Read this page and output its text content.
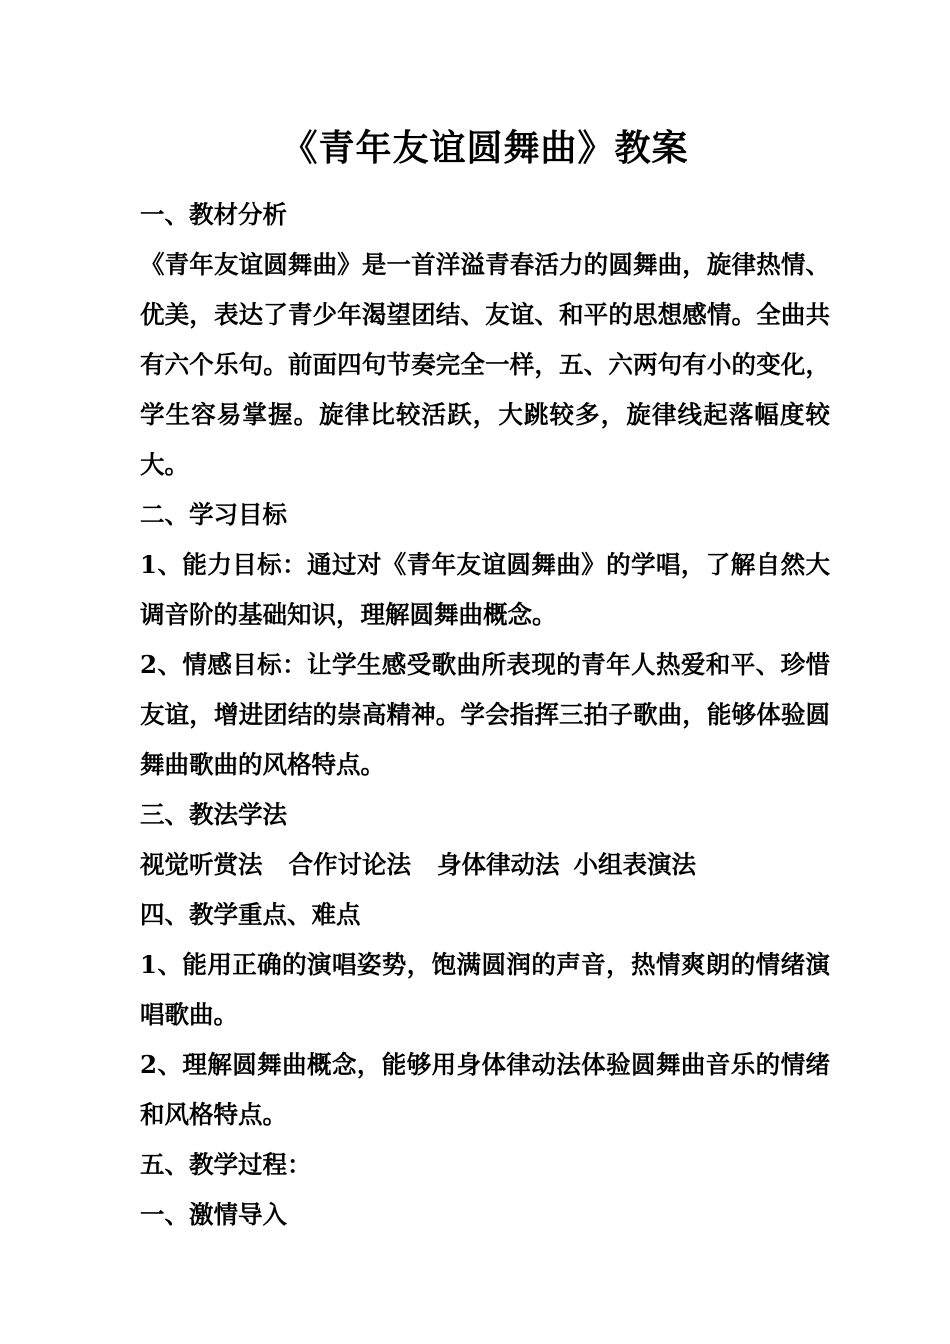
《青年友谊圆舞曲》教案

一、教材分析

《青年友谊圆舞曲》是一首洋溢青春活力的圆舞曲，旋律热情、优美，表达了青少年渴望团结、友谊、和平的思想感情。全曲共有六个乐句。前面四句节奏完全一样，五、六两句有小的变化，学生容易掌握。旋律比较活跃，大跳较多，旋律线起落幅度较大。

二、学习目标

1、能力目标：通过对《青年友谊圆舞曲》的学唱，了解自然大调音阶的基础知识，理解圆舞曲概念。

2、情感目标：让学生感受歌曲所表现的青年人热爱和平、珍惜友谊，增进团结的崇高精神。学会指挥三拍子歌曲，能够体验圆舞曲歌曲的风格特点。

三、教法学法

视觉听赏法 合作讨论法 身体律动法 小组表演法

四、教学重点、难点

1、能用正确的演唱姿势，饱满圆润的声音，热情爽朗的情绪演唱歌曲。

2、理解圆舞曲概念，能够用身体律动法体验圆舞曲音乐的情绪和风格特点。

五、教学过程：

一、激情导入
